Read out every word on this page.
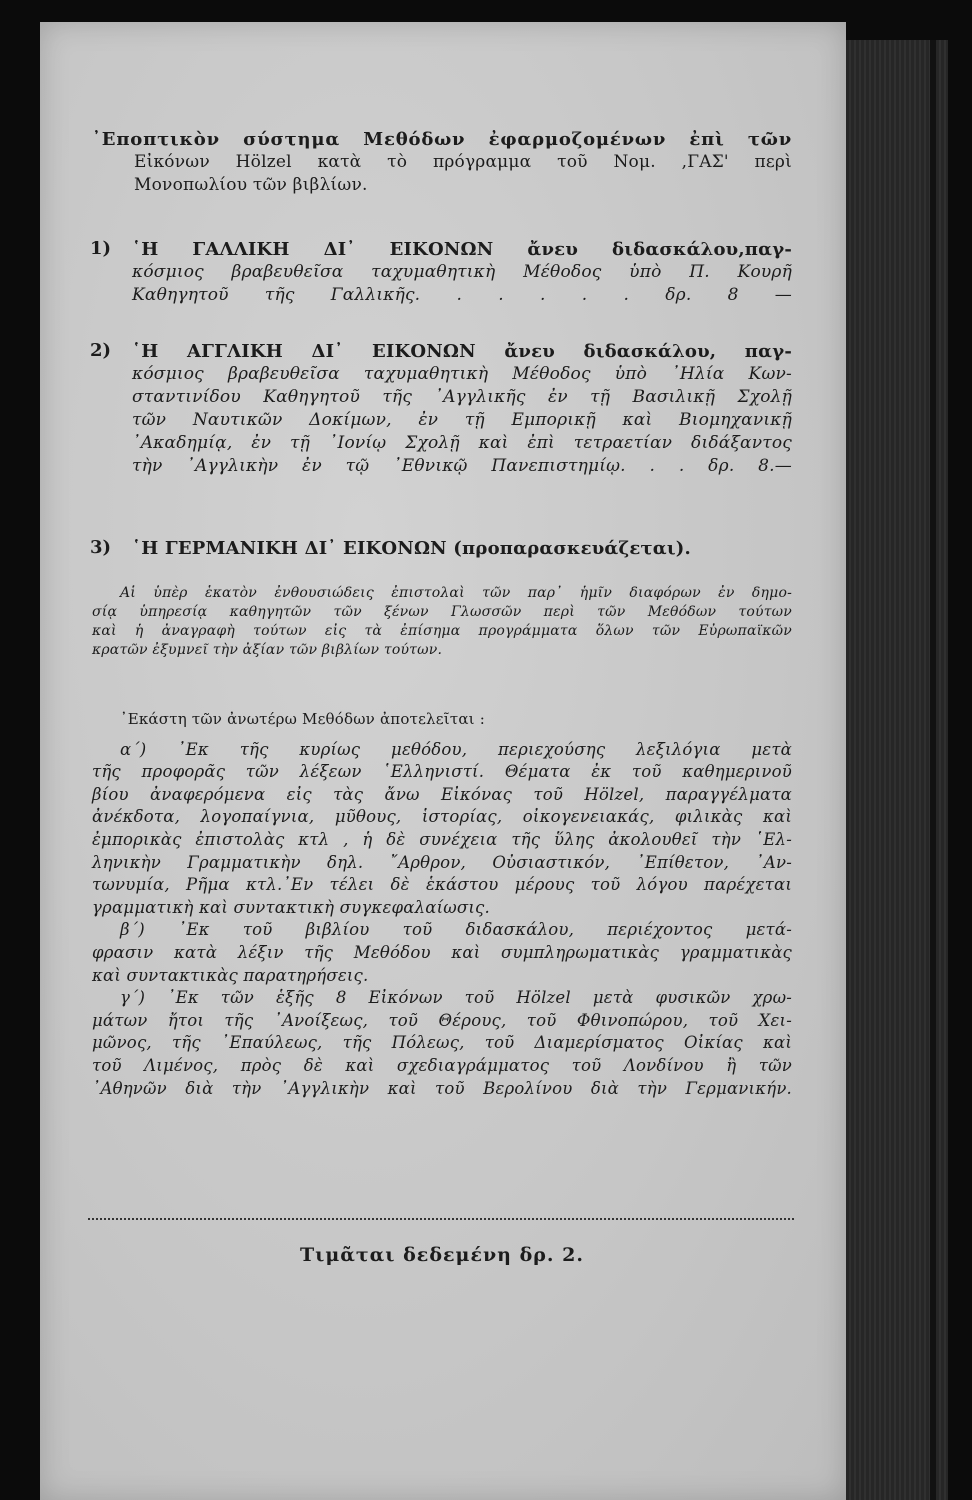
᾿Εποπτικὸν σύστημα Μεθόδων ἐφαρμοζομένων ἐπὶ τῶν
Εἰκόνων Hölzel κατὰ τὸ πρόγραμμα τοῦ Νομ. ,ΓΑΣ' περὶ
Μονοπωλίου τῶν βιβλίων.
1)	῾Η ΓΑΛΛΙΚΗ ΔΙ᾿ ΕΙΚΟΝΩΝ ἄνευ διδασκάλου,παγ-
κόσμιος βραβευθεῖσα ταχυμαθητικὴ Μέθοδος ὑπὸ Π. Κουρῆ
Καθηγητοῦ τῆς Γαλλικῆς. . . . . . δρ. 8 —
2)	῾Η ΑΓΓΛΙΚΗ ΔΙ᾿ ΕΙΚΟΝΩΝ ἄνευ διδασκάλου, παγ-
κόσμιος βραβευθεῖσα ταχυμαθητικὴ Μέθοδος ὑπὸ ᾿Ηλία Κων-
σταντινίδου Καθηγητοῦ τῆς ᾿Αγγλικῆς ἐν τῇ Βασιλικῇ Σχολῇ
τῶν Ναυτικῶν Δοκίμων, ἐν τῇ Εμπορικῇ καὶ Βιομηχανικῇ
᾿Ακαδημίᾳ, ἐν τῇ ᾿Ιονίῳ Σχολῇ καὶ ἐπὶ τετραετίαν διδάξαντος
τὴν ᾿Αγγλικὴν ἐν τῷ ᾿Εθνικῷ Πανεπιστημίῳ. . . δρ. 8.—
3)	῾Η ΓΕΡΜΑΝΙΚΗ ΔΙ᾿ ΕΙΚΟΝΩΝ (προπαρασκευάζεται).
Αἱ ὑπὲρ ἑκατὸν ἐνθουσιώδεις ἐπιστολαὶ τῶν παρ᾿ ἡμῖν διαφόρων ἐν δημο-
σίᾳ ὑπηρεσίᾳ καθηγητῶν τῶν ξένων Γλωσσῶν περὶ τῶν Μεθόδων τούτων
καὶ ἡ ἀναγραφὴ τούτων εἰς τὰ ἐπίσημα προγράμματα ὅλων τῶν Εὐρωπαϊκῶν
κρατῶν ἐξυμνεῖ τὴν ἀξίαν τῶν βιβλίων τούτων.
᾿Εκάστη τῶν ἀνωτέρω Μεθόδων ἀποτελεῖται :
α΄) ᾿Εκ τῆς κυρίως μεθόδου, περιεχούσης λεξιλόγια μετὰ
τῆς προφορᾶς τῶν λέξεων ῾Ελληνιστί. Θέματα ἐκ τοῦ καθημερινοῦ
βίου ἀναφερόμενα εἰς τὰς ἄνω Εἰκόνας τοῦ Hölzel, παραγγέλματα
ἀνέκδοτα, λογοπαίγνια, μῦθους, ἱστορίας, οἰκογενειακάς, φιλικὰς καὶ
ἐμπορικὰς ἐπιστολὰς κτλ , ἡ δὲ συνέχεια τῆς ὕλης ἀκολουθεῖ τὴν ῾Ελ-
ληνικὴν Γραμματικὴν δηλ. ῎Αρθρον, Οὐσιαστικόν, ᾿Επίθετον, ᾿Αν-
τωνυμία, Ρῆμα κτλ.᾿Εν τέλει δὲ ἑκάστου μέρους τοῦ λόγου παρέχεται
γραμματικὴ καὶ συντακτικὴ συγκεφαλαίωσις.
β΄) ᾿Εκ τοῦ βιβλίου τοῦ διδασκάλου, περιέχοντος μετά-
φρασιν κατὰ λέξιν τῆς Μεθόδου καὶ συμπληρωματικὰς γραμματικὰς
καὶ συντακτικὰς παρατηρήσεις.
γ΄) ᾿Εκ τῶν ἑξῆς 8 Εἰκόνων τοῦ Hölzel μετὰ φυσικῶν χρω-
μάτων ἤτοι τῆς ᾿Ανοίξεως, τοῦ Θέρους, τοῦ Φθινοπώρου, τοῦ Χει-
μῶνος, τῆς ᾿Επαύλεως, τῆς Πόλεως, τοῦ Διαμερίσματος Οἰκίας καὶ
τοῦ Λιμένος, πρὸς δὲ καὶ σχεδιαγράμματος τοῦ Λονδίνου ἢ τῶν
᾿Αθηνῶν διὰ τὴν ᾿Αγγλικὴν καὶ τοῦ Βερολίνου διὰ τὴν Γερμανικήν.
Τιμᾶται δεδεμένη δρ. 2.
